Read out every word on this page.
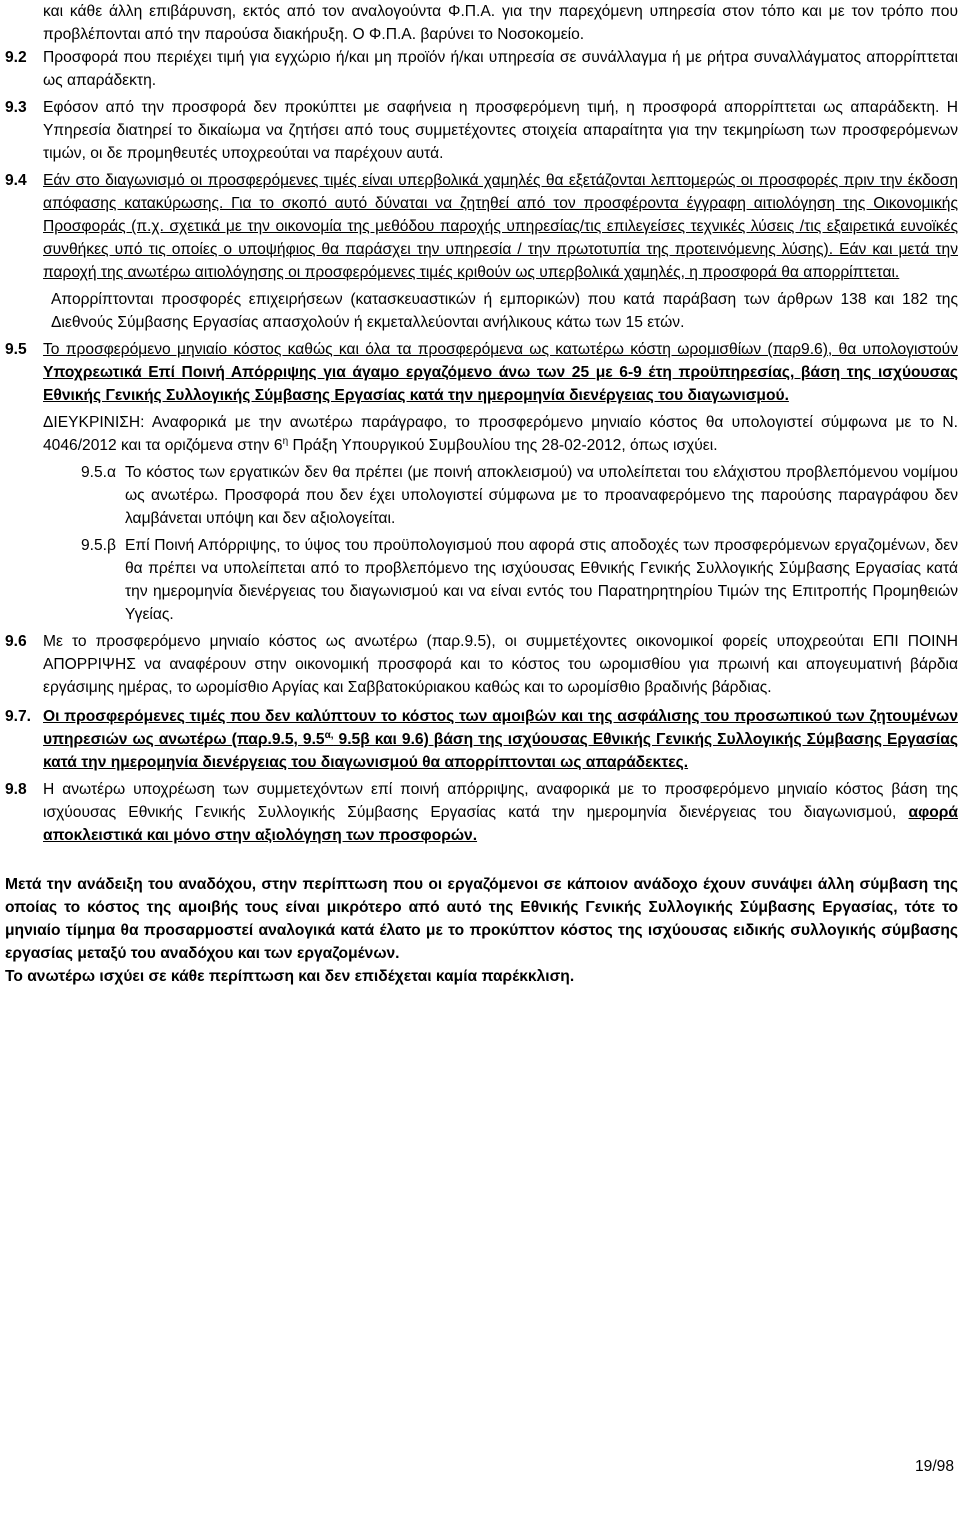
και κάθε άλλη επιβάρυνση, εκτός από τον αναλογούντα Φ.Π.Α. για την παρεχόμενη υπηρεσία στον τόπο και με τον τρόπο που προβλέπονται από την παρούσα διακήρυξη. Ο Φ.Π.Α. βαρύνει το Νοσοκομείο.

9.2	Προσφορά που περιέχει τιμή για εγχώριο ή/και μη προϊόν ή/και υπηρεσία σε συνάλλαγμα ή με ρήτρα συναλλάγματος απορρίπτεται ως απαράδεκτη.
9.3	Εφόσον από την προσφορά δεν προκύπτει με σαφήνεια η προσφερόμενη τιμή, η προσφορά απορρίπτεται ως απαράδεκτη. Η Υπηρεσία διατηρεί το δικαίωμα να ζητήσει από τους συμμετέχοντες στοιχεία απαραίτητα για την τεκμηρίωση των προσφερόμενων τιμών, οι δε προμηθευτές υποχρεούται να παρέχουν αυτά.
9.4	Εάν στο διαγωνισμό οι προσφερόμενες τιμές είναι υπερβολικά χαμηλές θα εξετάζονται λεπτομερώς οι προσφορές πριν την έκδοση απόφασης κατακύρωσης. Για το σκοπό αυτό δύναται να ζητηθεί από τον προσφέροντα έγγραφη αιτιολόγηση της Οικονομικής Προσφοράς (π.χ. σχετικά με την οικονομία της μεθόδου παροχής υπηρεσίας/τις επιλεγείσες τεχνικές λύσεις /τις εξαιρετικά ευνοϊκές συνθήκες υπό τις οποίες ο υποψήφιος θα παράσχει την υπηρεσία / την πρωτοτυπία της προτεινόμενης λύσης). Εάν και μετά την παροχή της ανωτέρω αιτιολόγησης οι προσφερόμενες τιμές κριθούν ως υπερβολικά χαμηλές, η προσφορά θα απορρίπτεται.

Απορρίπτονται προσφορές επιχειρήσεων (κατασκευαστικών ή εμπορικών) που κατά παράβαση των άρθρων 138 και 182 της Διεθνούς Σύμβασης Εργασίας απασχολούν ή εκμεταλλεύονται ανήλικους κάτω των 15 ετών.

9.5	Το προσφερόμενο μηνιαίο κόστος καθώς και όλα τα προσφερόμενα ως κατωτέρω κόστη ωρομισθίων (παρ9.6), θα υπολογιστούν Υποχρεωτικά Επί Ποινή Απόρριψης για άγαμο εργαζόμενο άνω των 25 με 6-9 έτη προϋπηρεσίας, βάση της ισχύουσας Εθνικής Γενικής Συλλογικής Σύμβασης Εργασίας κατά την ημερομηνία διενέργειας του διαγωνισμού.

ΔΙΕΥΚΡΙΝΙΣΗ: Αναφορικά με την ανωτέρω παράγραφο, το προσφερόμενο μηνιαίο κόστος θα υπολογιστεί σύμφωνα με το Ν. 4046/2012 και τα οριζόμενα στην $6^\eta$ Πράξη Υπουργικού Συμβουλίου της 28-02-2012, όπως ισχύει.

9.5.α Το κόστος των εργατικών δεν θα πρέπει (με ποινή αποκλεισμού) να υπολείπεται του ελάχιστου προβλεπόμενου νομίμου ως ανωτέρω. Προσφορά που δεν έχει υπολογιστεί σύμφωνα με το προαναφερόμενο της παρούσης παραγράφου δεν λαμβάνεται υπόψη και δεν αξιολογείται.
9.5.β Επί Ποινή Απόρριψης, το ύψος του προϋπολογισμού που αφορά στις αποδοχές των προσφερόμενων εργαζομένων, δεν θα πρέπει να υπολείπεται από το προβλεπόμενο της ισχύουσας Εθνικής Γενικής Συλλογικής Σύμβασης Εργασίας κατά την ημερομηνία διενέργειας του διαγωνισμού και να είναι εντός του Παρατηρητηρίου Τιμών της Επιτροπής Προμηθειών Υγείας.
9.6	Με το προσφερόμενο μηνιαίο κόστος ως ανωτέρω (παρ.9.5), οι συμμετέχοντες οικονομικοί φορείς υποχρεούται ΕΠΙ ΠΟΙΝΗ ΑΠΟΡΡΙΨΗΣ να αναφέρουν στην οικονομική προσφορά και το κόστος του ωρομισθίου για πρωινή και απογευματινή βάρδια εργάσιμης ημέρας, το ωρομίσθιο Αργίας και Σαββατοκύριακου καθώς και το ωρομίσθιο βραδινής βάρδιας.
9.7. Οι προσφερόμενες τιμές που δεν καλύπτουν το κόστος των αμοιβών και της ασφάλισης του προσωπικού των ζητουμένων υπηρεσιών ως ανωτέρω (παρ.9.5, $9.5^{\alpha,}$ 9.5β και 9.6) βάση της ισχύουσας Εθνικής Γενικής Συλλογικής Σύμβασης Εργασίας κατά την ημερομηνία διενέργειας του διαγωνισμού θα απορρίπτονται ως απαράδεκτες.
9.8	Η ανωτέρω υποχρέωση των συμμετεχόντων επί ποινή απόρριψης, αναφορικά με το προσφερόμενο μηνιαίο κόστος βάση της ισχύουσας Εθνικής Γενικής Συλλογικής Σύμβασης Εργασίας κατά την ημερομηνία διενέργειας του διαγωνισμού, αφορά αποκλειστικά και μόνο στην αξιολόγηση των προσφορών.

Μετά την ανάδειξη του αναδόχου, στην περίπτωση που οι εργαζόμενοι σε κάποιον ανάδοχο έχουν συνάψει άλλη σύμβαση της οποίας το κόστος της αμοιβής τους είναι μικρότερο από αυτό της Εθνικής Γενικής Συλλογικής Σύμβασης Εργασίας, τότε το μηνιαίο τίμημα θα προσαρμοστεί αναλογικά κατά έλατο με το προκύπτον κόστος της ισχύουσας ειδικής συλλογικής σύμβασης εργασίας μεταξύ του αναδόχου και των εργαζομένων.

Το ανωτέρω ισχύει σε κάθε περίπτωση και δεν επιδέχεται καμία παρέκκλιση.

19/98
